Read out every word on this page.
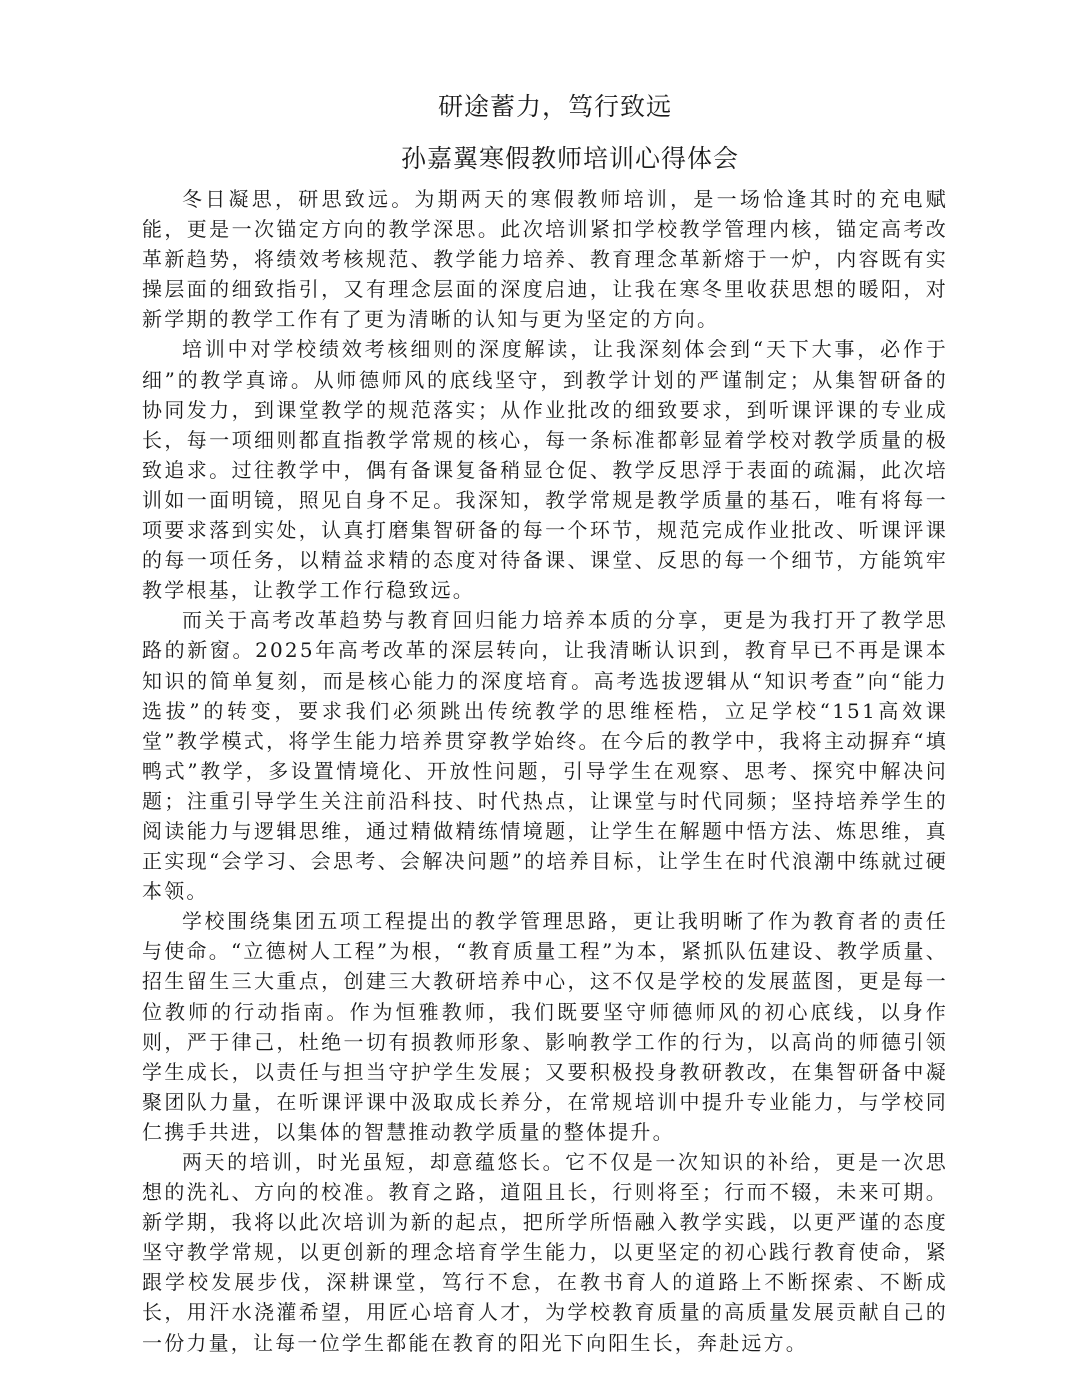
研途蓄力，笃行致远
孙嘉翼寒假教师培训心得体会

冬日凝思，研思致远。为期两天的寒假教师培训，是一场恰逢其时的充电赋能，更是一次锚定方向的教学深思。此次培训紧扣学校教学管理内核，锚定高考改革新趋势，将绩效考核规范、教学能力培养、教育理念革新熔于一炉，内容既有实操层面的细致指引，又有理念层面的深度启迪，让我在寒冬里收获思想的暖阳，对新学期的教学工作有了更为清晰的认知与更为坚定的方向。

培训中对学校绩效考核细则的深度解读，让我深刻体会到“天下大事，必作于细”的教学真谛。从师德师风的底线坚守，到教学计划的严谨制定；从集智研备的协同发力，到课堂教学的规范落实；从作业批改的细致要求，到听课评课的专业成长，每一项细则都直指教学常规的核心，每一条标准都彰显着学校对教学质量的极致追求。过往教学中，偶有备课复备稍显仓促、教学反思浮于表面的疏漏，此次培训如一面明镜，照见自身不足。我深知，教学常规是教学质量的基石，唯有将每一项要求落到实处，认真打磨集智研备的每一个环节，规范完成作业批改、听课评课的每一项任务，以精益求精的态度对待备课、课堂、反思的每一个细节，方能筑牢教学根基，让教学工作行稳致远。

而关于高考改革趋势与教育回归能力培养本质的分享，更是为我打开了教学思路的新窗。2025年高考改革的深层转向，让我清晰认识到，教育早已不再是课本知识的简单复刻，而是核心能力的深度培育。高考选拔逻辑从“知识考查”向“能力选拔”的转变，要求我们必须跳出传统教学的思维桎梏，立足学校“151高效课堂”教学模式，将学生能力培养贯穿教学始终。在今后的教学中，我将主动摒弃“填鸭式”教学，多设置情境化、开放性问题，引导学生在观察、思考、探究中解决问题；注重引导学生关注前沿科技、时代热点，让课堂与时代同频；坚持培养学生的阅读能力与逻辑思维，通过精做精练情境题，让学生在解题中悟方法、炼思维，真正实现“会学习、会思考、会解决问题”的培养目标，让学生在时代浪潮中练就过硬本领。

学校围绕集团五项工程提出的教学管理思路，更让我明晰了作为教育者的责任与使命。“立德树人工程”为根，“教育质量工程”为本，紧抓队伍建设、教学质量、招生留生三大重点，创建三大教研培养中心，这不仅是学校的发展蓝图，更是每一位教师的行动指南。作为恒雅教师，我们既要坚守师德师风的初心底线，以身作则，严于律己，杜绝一切有损教师形象、影响教学工作的行为，以高尚的师德引领学生成长，以责任与担当守护学生发展；又要积极投身教研教改，在集智研备中凝聚团队力量，在听课评课中汲取成长养分，在常规培训中提升专业能力，与学校同仁携手共进，以集体的智慧推动教学质量的整体提升。

两天的培训，时光虽短，却意蕴悠长。它不仅是一次知识的补给，更是一次思想的洗礼、方向的校准。教育之路，道阻且长，行则将至；行而不辍，未来可期。新学期，我将以此次培训为新的起点，把所学所悟融入教学实践，以更严谨的态度坚守教学常规，以更创新的理念培育学生能力，以更坚定的初心践行教育使命，紧跟学校发展步伐，深耕课堂，笃行不怠，在教书育人的道路上不断探索、不断成长，用汗水浇灌希望，用匠心培育人才，为学校教育质量的高质量发展贡献自己的一份力量，让每一位学生都能在教育的阳光下向阳生长，奔赴远方。
